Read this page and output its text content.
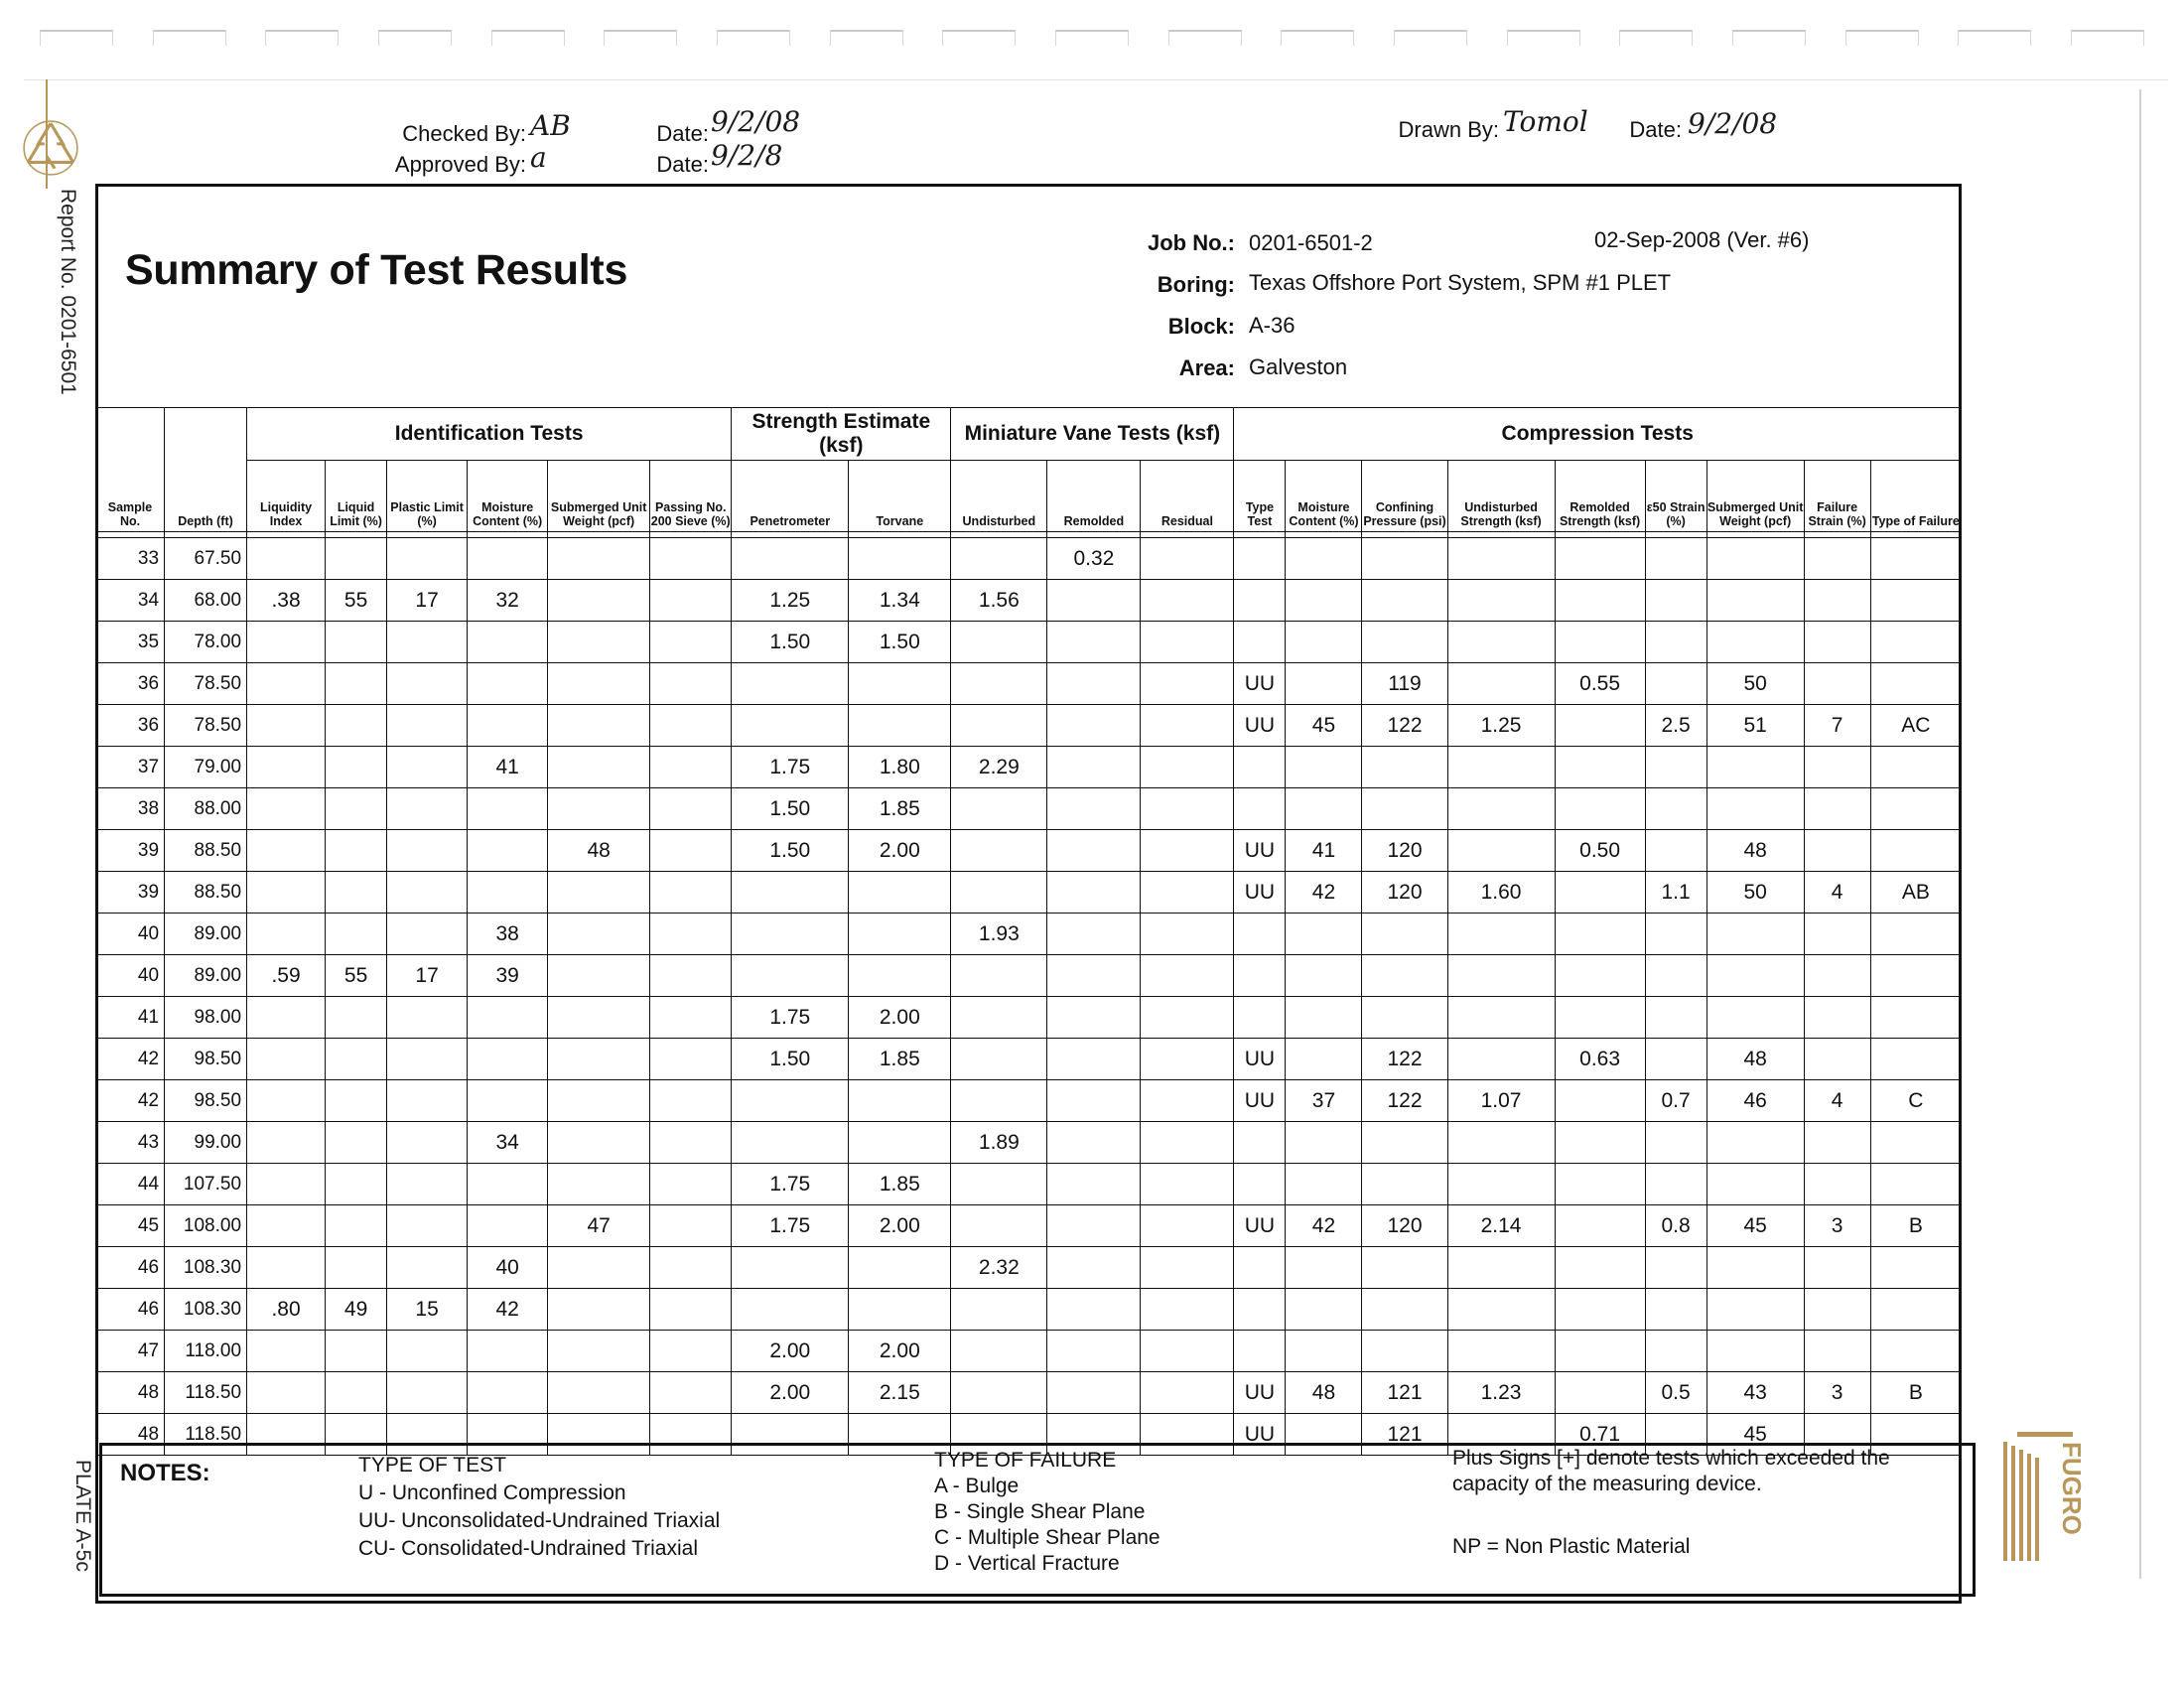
Report No. 0201-6501
PLATE A-5c
Checked By: AB	Date: 9/2/08
Approved By: a	Date: 9/2/8
Drawn By: Tomol	Date: 9/2/08
Summary of Test Results
Job No.: 0201-6501-2	02-Sep-2008 (Ver. #6)
Boring: Texas Offshore Port System, SPM #1 PLET
Block: A-36
Area: Galveston
Sample No.	Depth (ft)	Identification Tests						Strength Estimate (ksf)		Miniature Vane Tests (ksf)			Compression Tests								
		Liquidity Index	Liquid Limit (%)	Plastic Limit (%)	Moisture Content (%)	Submerged Unit Weight (pcf)	Passing No. 200 Sieve (%)	Penetrometer	Torvane	Undisturbed	Remolded	Residual	Type Test	Moisture Content (%)	Confining Pressure (psi)	Undisturbed Strength (ksf)	Remolded Strength (ksf)	ε50 Strain (%)	Submerged Unit Weight (pcf)	Failure Strain (%)	Type of Failure

33	67.50										0.32										
34	68.00	.38	55	17	32			1.25	1.34	1.56											
35	78.00							1.50	1.50												
36	78.50												UU		119		0.55		50		
36	78.50												UU	45	122	1.25		2.5	51	7	AC
37	79.00				41			1.75	1.80	2.29											
38	88.00							1.50	1.85												
39	88.50					48		1.50	2.00				UU	41	120		0.50		48		
39	88.50												UU	42	120	1.60		1.1	50	4	AB
40	89.00				38					1.93											
40	89.00	.59	55	17	39																
41	98.00							1.75	2.00												
42	98.50							1.50	1.85				UU		122		0.63		48		
42	98.50												UU	37	122	1.07		0.7	46	4	C
43	99.00				34					1.89											
44	107.50							1.75	1.85												
45	108.00					47		1.75	2.00				UU	42	120	2.14		0.8	45	3	B
46	108.30				40					2.32											
46	108.30	.80	49	15	42																
47	118.00							2.00	2.00												
48	118.50							2.00	2.15				UU	48	121	1.23		0.5	43	3	B
48	118.50												UU		121		0.71		45		
NOTES:	TYPE OF TEST
U - Unconfined Compression
UU- Unconsolidated-Undrained Triaxial
CU- Consolidated-Undrained Triaxial
TYPE OF FAILURE
A - Bulge
B - Single Shear Plane
C - Multiple Shear Plane
D - Vertical Fracture
Plus Signs [+] denote tests which exceeded the capacity of the measuring device.
NP = Non Plastic Material
FUGRO
